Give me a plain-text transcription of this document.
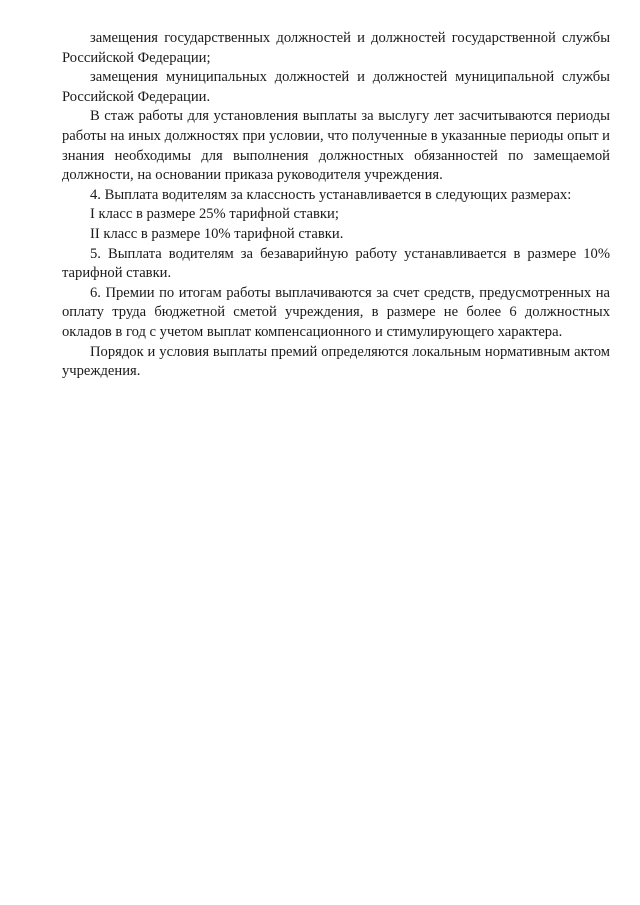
замещения государственных должностей и должностей государственной службы Российской Федерации;

замещения муниципальных должностей и должностей муниципальной службы Российской Федерации.

В стаж работы для установления выплаты за выслугу лет засчитываются периоды работы на иных должностях при условии, что полученные в указанные периоды опыт и знания необходимы для выполнения должностных обязанностей по замещаемой должности, на основании приказа руководителя учреждения.

4. Выплата водителям за классность устанавливается в следующих размерах:

I класс в размере 25% тарифной ставки;

II класс в размере 10% тарифной ставки.

5. Выплата водителям за безаварийную работу устанавливается в размере 10% тарифной ставки.

6. Премии по итогам работы выплачиваются за счет средств, предусмотренных на оплату труда бюджетной сметой учреждения, в размере не более 6 должностных окладов в год с учетом выплат компенсационного и стимулирующего характера.

Порядок и условия выплаты премий определяются локальным нормативным актом учреждения.
